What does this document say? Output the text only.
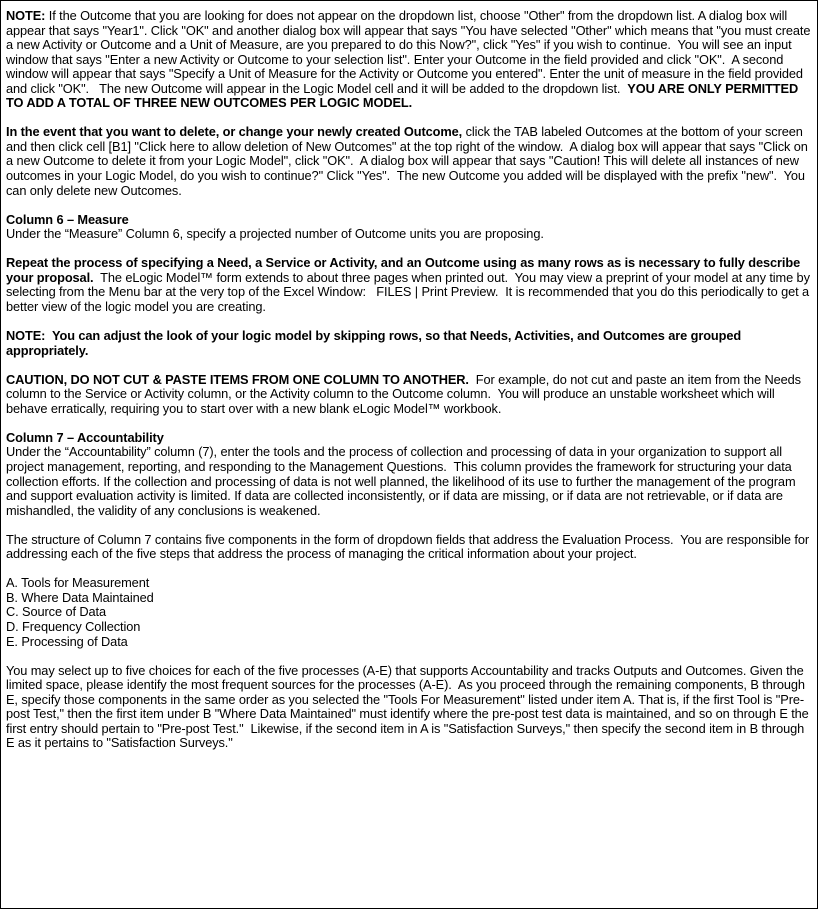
NOTE: If the Outcome that you are looking for does not appear on the dropdown list, choose "Other" from the dropdown list. A dialog box will appear that says "Year1". Click "OK" and another dialog box will appear that says "You have selected "Other" which means that "you must create a new Activity or Outcome and a Unit of Measure, are you prepared to do this Now?", click "Yes" if you wish to continue.  You will see an input window that says "Enter a new Activity or Outcome to your selection list". Enter your Outcome in the field provided and click "OK".  A second window will appear that says "Specify a Unit of Measure for the Activity or Outcome you entered". Enter the unit of measure in the field provided and click "OK".   The new Outcome will appear in the Logic Model cell and it will be added to the dropdown list.  YOU ARE ONLY PERMITTED TO ADD A TOTAL OF THREE NEW OUTCOMES PER LOGIC MODEL.

In the event that you want to delete, or change your newly created Outcome, click the TAB labeled Outcomes at the bottom of your screen and then click cell [B1] "Click here to allow deletion of New Outcomes" at the top right of the window.  A dialog box will appear that says "Click on a new Outcome to delete it from your Logic Model", click "OK".  A dialog box will appear that says "Caution! This will delete all instances of new outcomes in your Logic Model, do you wish to continue?" Click "Yes".  The new Outcome you added will be displayed with the prefix "new".  You can only delete new Outcomes.

Column 6 – Measure

Under the “Measure” Column 6, specify a projected number of Outcome units you are proposing.

Repeat the process of specifying a Need, a Service or Activity, and an Outcome using as many rows as is necessary to fully describe your proposal.  The eLogic Model™ form extends to about three pages when printed out.  You may view a preprint of your model at any time by selecting from the Menu bar at the very top of the Excel Window:   FILES | Print Preview.  It is recommended that you do this periodically to get a better view of the logic model you are creating.

NOTE:  You can adjust the look of your logic model by skipping rows, so that Needs, Activities, and Outcomes are grouped appropriately.

CAUTION, DO NOT CUT & PASTE ITEMS FROM ONE COLUMN TO ANOTHER.  For example, do not cut and paste an item from the Needs column to the Service or Activity column, or the Activity column to the Outcome column.  You will produce an unstable worksheet which will behave erratically, requiring you to start over with a new blank eLogic Model™ workbook.

Column 7 – Accountability

Under the “Accountability” column (7), enter the tools and the process of collection and processing of data in your organization to support all project management, reporting, and responding to the Management Questions.  This column provides the framework for structuring your data collection efforts. If the collection and processing of data is not well planned, the likelihood of its use to further the management of the program and support evaluation activity is limited. If data are collected inconsistently, or if data are missing, or if data are not retrievable, or if data are mishandled, the validity of any conclusions is weakened.

The structure of Column 7 contains five components in the form of dropdown fields that address the Evaluation Process.  You are responsible for addressing each of the five steps that address the process of managing the critical information about your project.

A. Tools for Measurement

B. Where Data Maintained

C. Source of Data

D. Frequency Collection

E. Processing of Data

You may select up to five choices for each of the five processes (A-E) that supports Accountability and tracks Outputs and Outcomes. Given the limited space, please identify the most frequent sources for the processes (A-E).  As you proceed through the remaining components, B through E, specify those components in the same order as you selected the "Tools For Measurement" listed under item A. That is, if the first Tool is "Pre-post Test," then the first item under B "Where Data Maintained" must identify where the pre-post test data is maintained, and so on through E the first entry should pertain to "Pre-post Test."  Likewise, if the second item in A is "Satisfaction Surveys," then specify the second item in B through E as it pertains to "Satisfaction Surveys."
